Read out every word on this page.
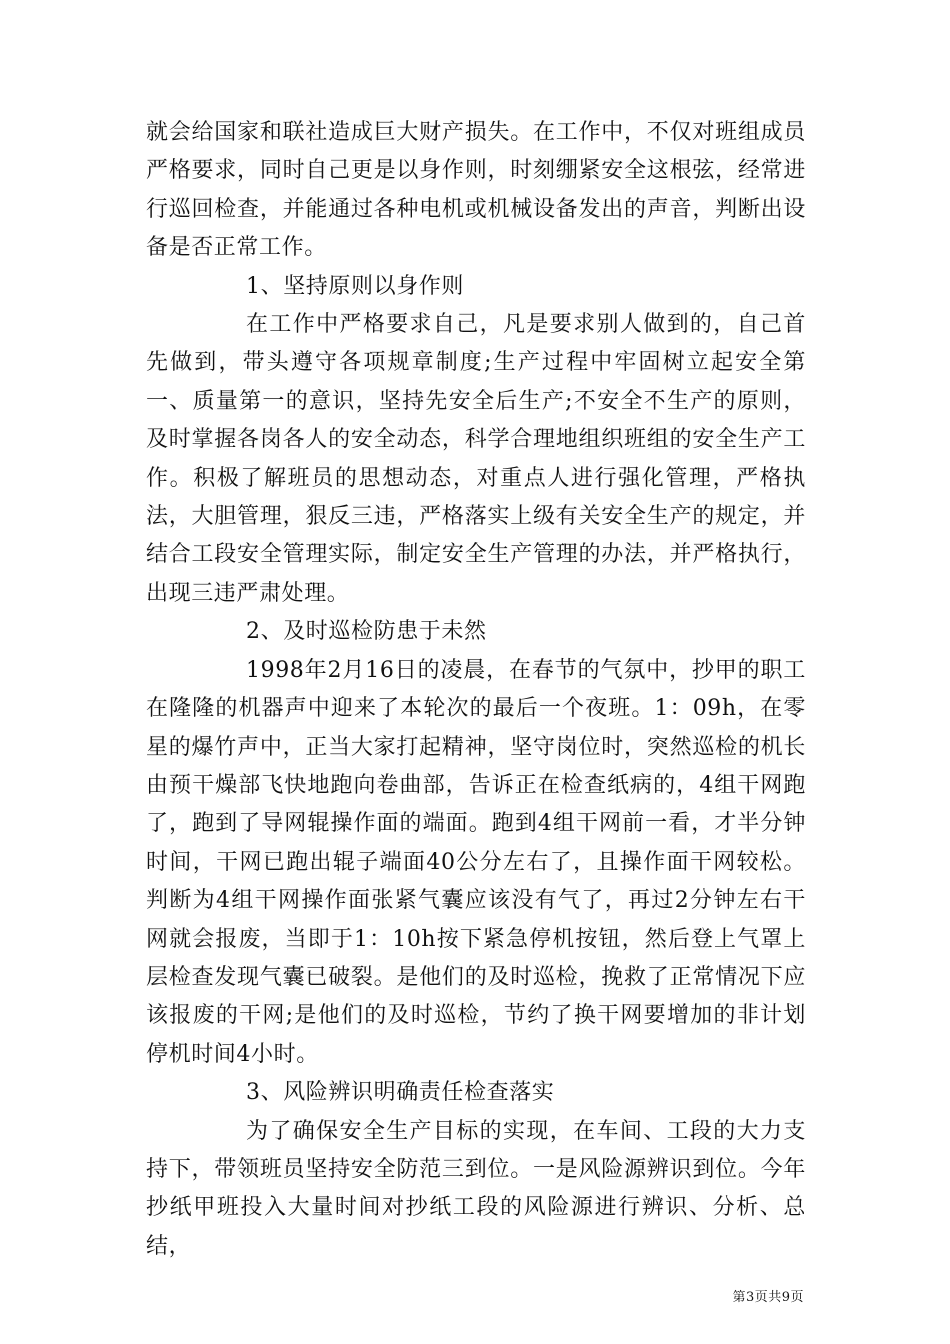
就会给国家和联社造成巨大财产损失。在工作中，不仅对班组成员严格要求，同时自己更是以身作则，时刻绷紧安全这根弦，经常进行巡回检查，并能通过各种电机或机械设备发出的声音，判断出设备是否正常工作。

1、坚持原则以身作则

在工作中严格要求自己，凡是要求别人做到的，自己首先做到，带头遵守各项规章制度;生产过程中牢固树立起安全第一、质量第一的意识，坚持先安全后生产;不安全不生产的原则，及时掌握各岗各人的安全动态，科学合理地组织班组的安全生产工作。积极了解班员的思想动态，对重点人进行强化管理，严格执法，大胆管理，狠反三违，严格落实上级有关安全生产的规定，并结合工段安全管理实际，制定安全生产管理的办法，并严格执行，出现三违严肃处理。

2、及时巡检防患于未然

1998年2月16日的凌晨，在春节的气氛中，抄甲的职工在隆隆的机器声中迎来了本轮次的最后一个夜班。1：09h，在零星的爆竹声中，正当大家打起精神，坚守岗位时，突然巡检的机长由预干燥部飞快地跑向卷曲部，告诉正在检查纸病的，4组干网跑了，跑到了导网辊操作面的端面。跑到4组干网前一看，才半分钟时间，干网已跑出辊子端面40公分左右了，且操作面干网较松。判断为4组干网操作面张紧气囊应该没有气了，再过2分钟左右干网就会报废，当即于1：10h按下紧急停机按钮，然后登上气罩上层检查发现气囊已破裂。是他们的及时巡检，挽救了正常情况下应该报废的干网;是他们的及时巡检，节约了换干网要增加的非计划停机时间4小时。

3、风险辨识明确责任检查落实

为了确保安全生产目标的实现，在车间、工段的大力支持下，带领班员坚持安全防范三到位。一是风险源辨识到位。今年抄纸甲班投入大量时间对抄纸工段的风险源进行辨识、分析、总结，

第3页共9页
